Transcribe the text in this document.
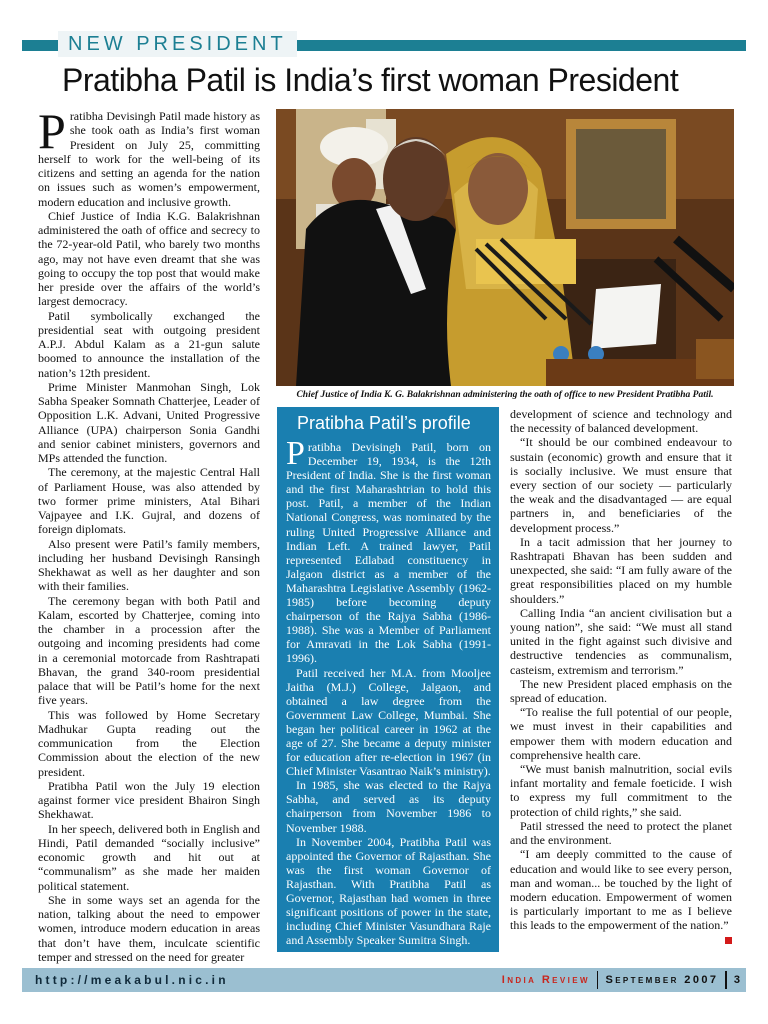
NEW PRESIDENT
Pratibha Patil is India’s first woman President

Pratibha Devisingh Patil made history as she took oath as India’s first woman President on July 25, committing herself to work for the well-being of its citizens and setting an agenda for the nation on issues such as women’s empowerment, modern education and inclusive growth.

Chief Justice of India K.G. Balakrishnan administered the oath of office and secrecy to the 72-year-old Patil, who barely two months ago, may not have even dreamt that she was going to occupy the top post that would make her preside over the affairs of the world’s largest democracy.

Patil symbolically exchanged the presidential seat with outgoing president A.P.J. Abdul Kalam as a 21-gun salute boomed to announce the installation of the nation’s 12th president.

Prime Minister Manmohan Singh, Lok Sabha Speaker Somnath Chatterjee, Leader of Opposition L.K. Advani, United Progressive Alliance (UPA) chairperson Sonia Gandhi and senior cabinet ministers, governors and MPs attended the function.

The ceremony, at the majestic Central Hall of Parliament House, was also attended by two former prime ministers, Atal Bihari Vajpayee and I.K. Gujral, and dozens of foreign diplomats.

Also present were Patil’s family members, including her husband Devisingh Ransingh Shekhawat as well as her daughter and son with their families.

The ceremony began with both Patil and Kalam, escorted by Chatterjee, coming into the chamber in a procession after the outgoing and incoming presidents had come in a ceremonial motorcade from Rashtrapati Bhavan, the grand 340-room presidential palace that will be Patil’s home for the next five years.

This was followed by Home Secretary Madhukar Gupta reading out the communication from the Election Commission about the election of the new president.

Pratibha Patil won the July 19 election against former vice president Bhairon Singh Shekhawat.

In her speech, delivered both in English and Hindi, Patil demanded “socially inclusive” economic growth and hit out at “communalism” as she made her maiden political statement.

She in some ways set an agenda for the nation, talking about the need to empower women, introduce modern education in areas that don’t have them, inculcate scientific temper and stressed on the need for greater

Chief Justice of India K. G. Balakrishnan administering the oath of office to new President Pratibha Patil.
Pratibha Patil’s profile

Pratibha Devisingh Patil, born on December 19, 1934, is the 12th President of India. She is the first woman and the first Maharashtrian to hold this post. Patil, a member of the Indian National Congress, was nominated by the ruling United Progressive Alliance and Indian Left. A trained lawyer, Patil represented Edlabad constituency in Jalgaon district as a member of the Maharashtra Legislative Assembly (1962-1985) before becoming deputy chairperson of the Rajya Sabha (1986-1988). She was a Member of Parliament for Amravati in the Lok Sabha (1991-1996).

Patil received her M.A. from Mooljee Jaitha (M.J.) College, Jalgaon, and obtained a law degree from the Government Law College, Mumbai. She began her political career in 1962 at the age of 27. She became a deputy minister for education after re-election in 1967 (in Chief Minister Vasantrao Naik’s ministry).

In 1985, she was elected to the Rajya Sabha, and served as its deputy chairperson from November 1986 to November 1988.

In November 2004, Pratibha Patil was appointed the Governor of Rajasthan. She was the first woman Governor of Rajasthan. With Pratibha Patil as Governor, Rajasthan had women in three significant positions of power in the state, including Chief Minister Vasundhara Raje and Assembly Speaker Sumitra Singh.

development of science and technology and the necessity of balanced development.

“It should be our combined endeavour to sustain (economic) growth and ensure that it is socially inclusive. We must ensure that every section of our society — particularly the weak and the disadvantaged — are equal partners in, and beneficiaries of the development process.”

In a tacit admission that her journey to Rashtrapati Bhavan has been sudden and unexpected, she said: “I am fully aware of the great responsibilities placed on my humble shoulders.”

Calling India “an ancient civilisation but a young nation”, she said: “We must all stand united in the fight against such divisive and destructive tendencies as communalism, casteism, extremism and terrorism.”

The new President placed emphasis on the spread of education.

“To realise the full potential of our people, we must invest in their capabilities and empower them with modern education and comprehensive health care.

“We must banish malnutrition, social evils infant mortality and female foeticide. I wish to express my full commitment to the protection of child rights,” she said.

Patil stressed the need to protect the planet and the environment.

“I am deeply committed to the cause of education and would like to see every person, man and woman... be touched by the light of modern education. Empowerment of women is particularly important to me as I believe this leads to the empowerment of the nation.”

http://meakabul.nic.in	India Review September 2007 3
